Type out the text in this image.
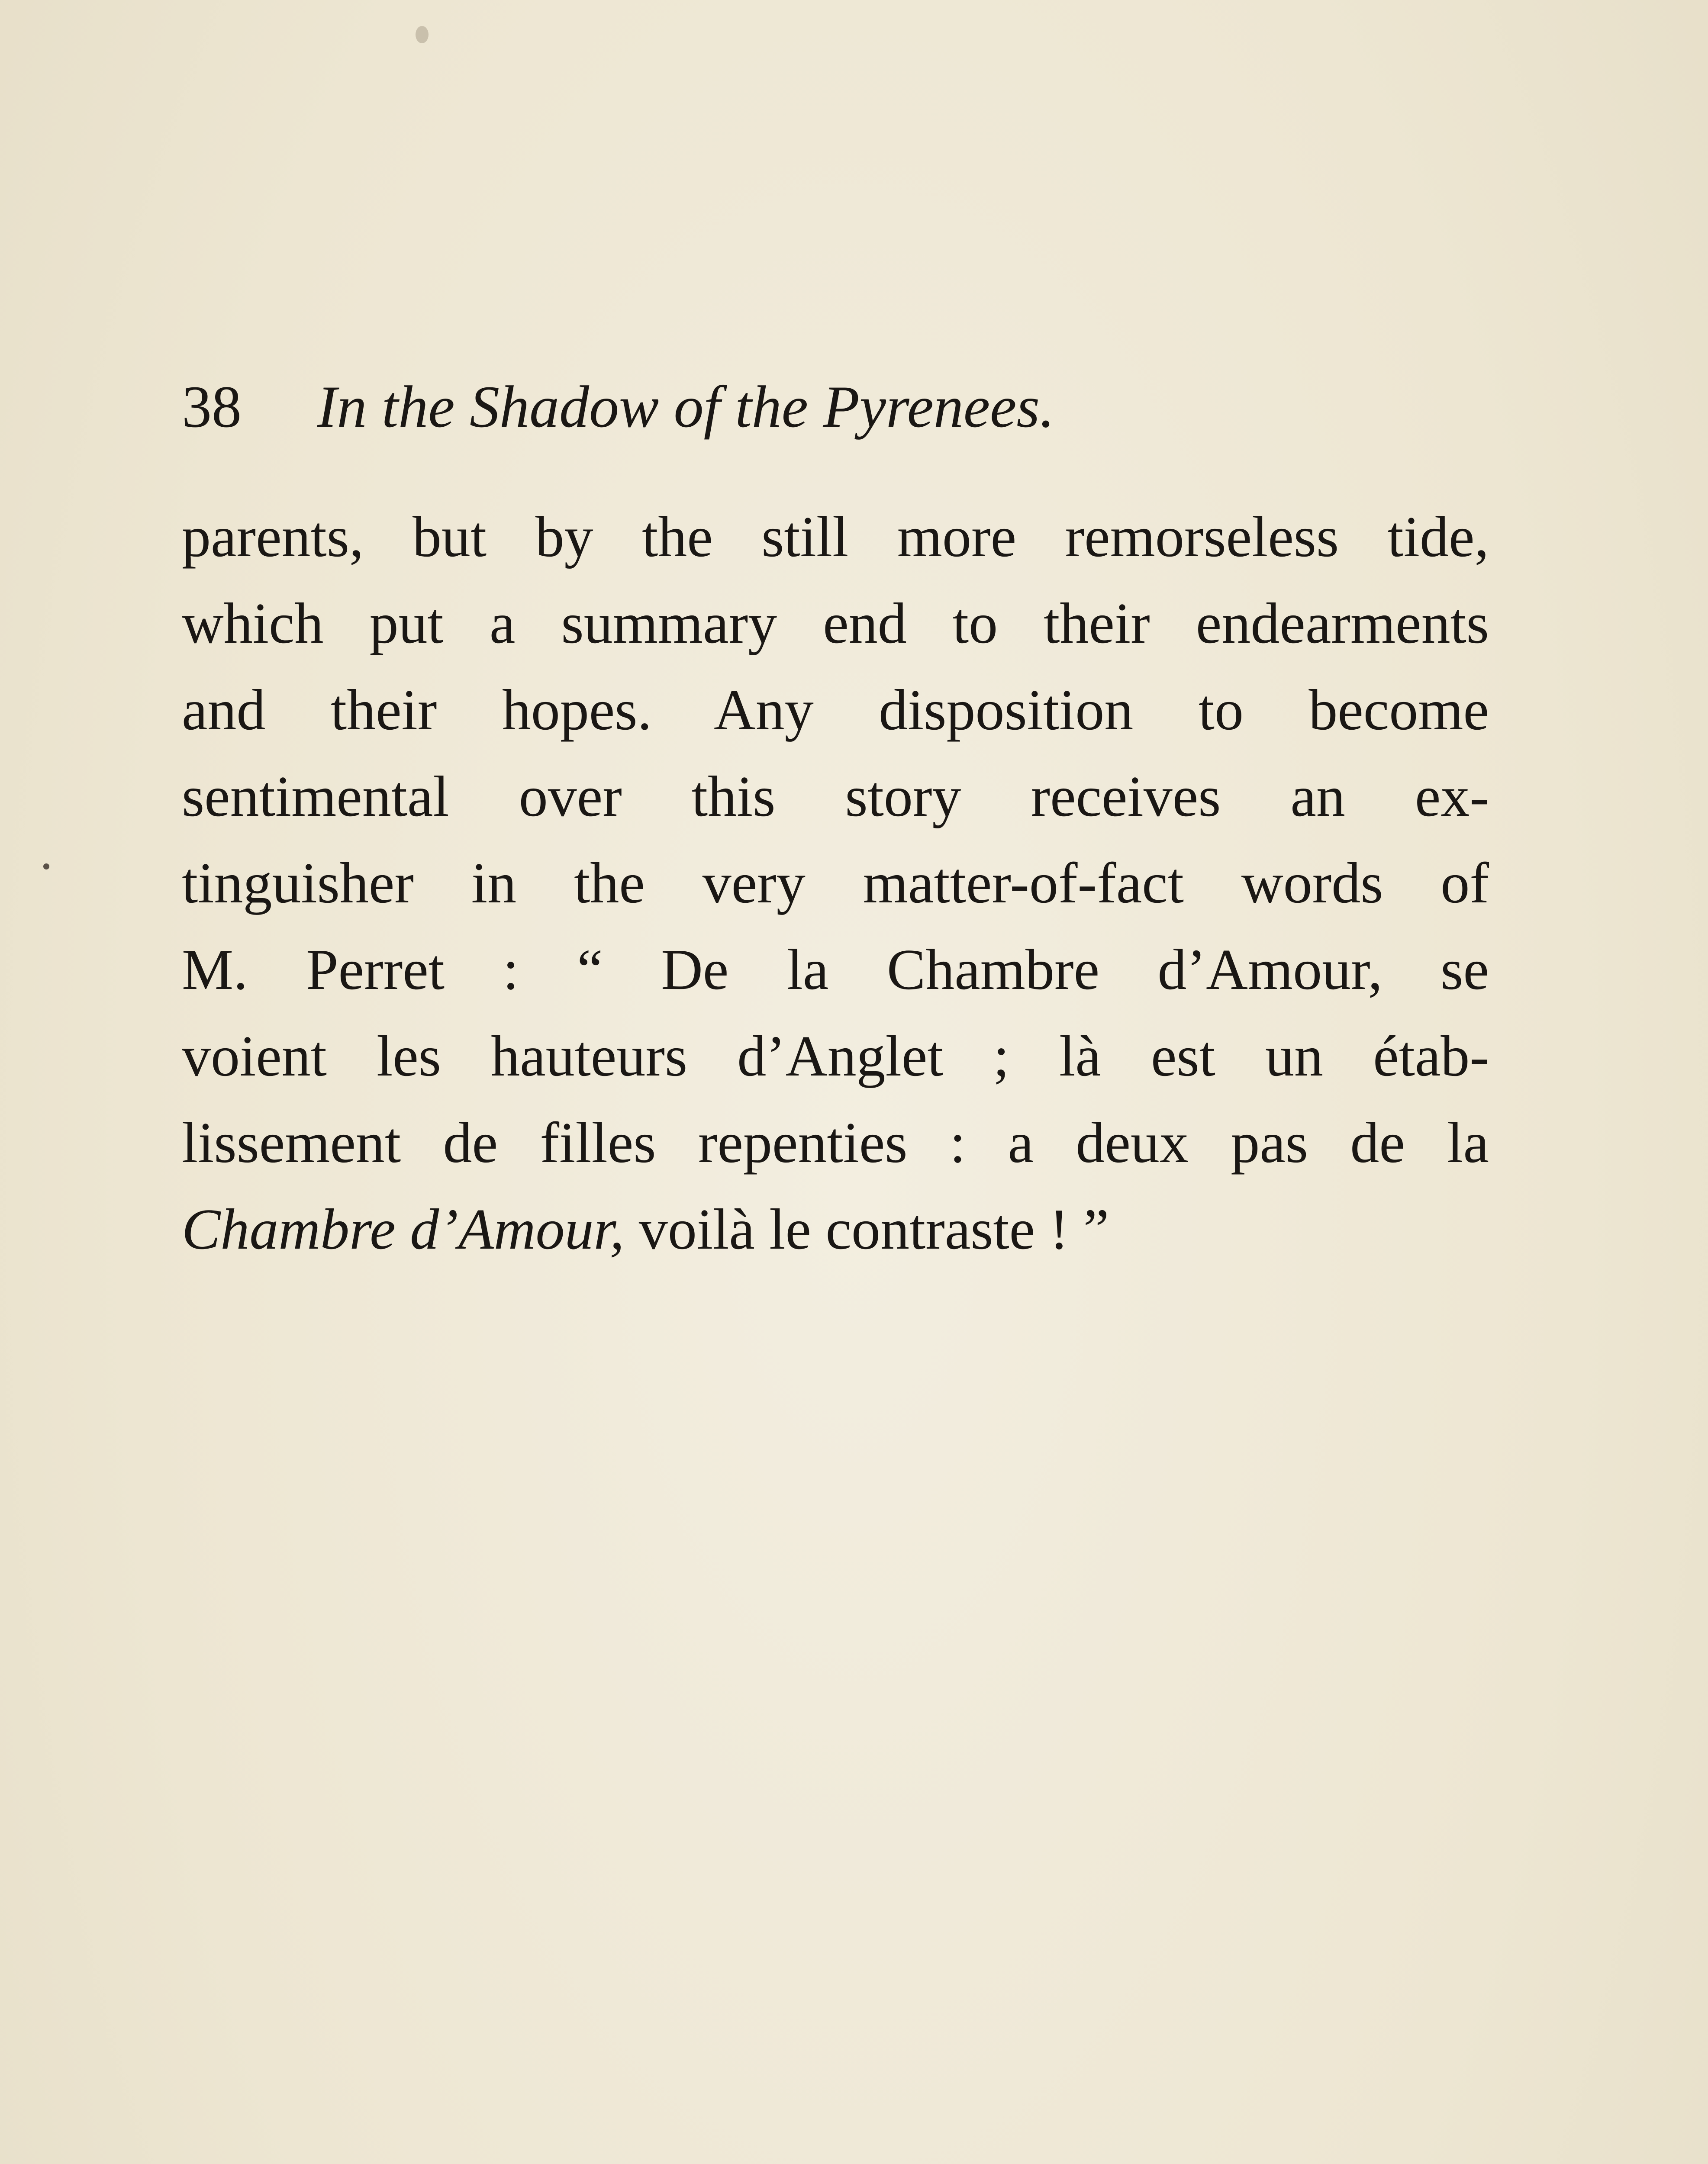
38 In the Shadow of the Pyrenees.
parents, but by the still more remorseless tide,
which put a summary end to their endearments
and their hopes. Any disposition to become
sentimental over this story receives an ex-
tinguisher in the very matter-of-fact words of
M. Perret : “ De la Chambre d’Amour, se
voient les hauteurs d’Anglet ; là est un étab-
lissement de filles repenties : a deux pas de la
Chambre d’Amour, voilà le contraste ! ”
